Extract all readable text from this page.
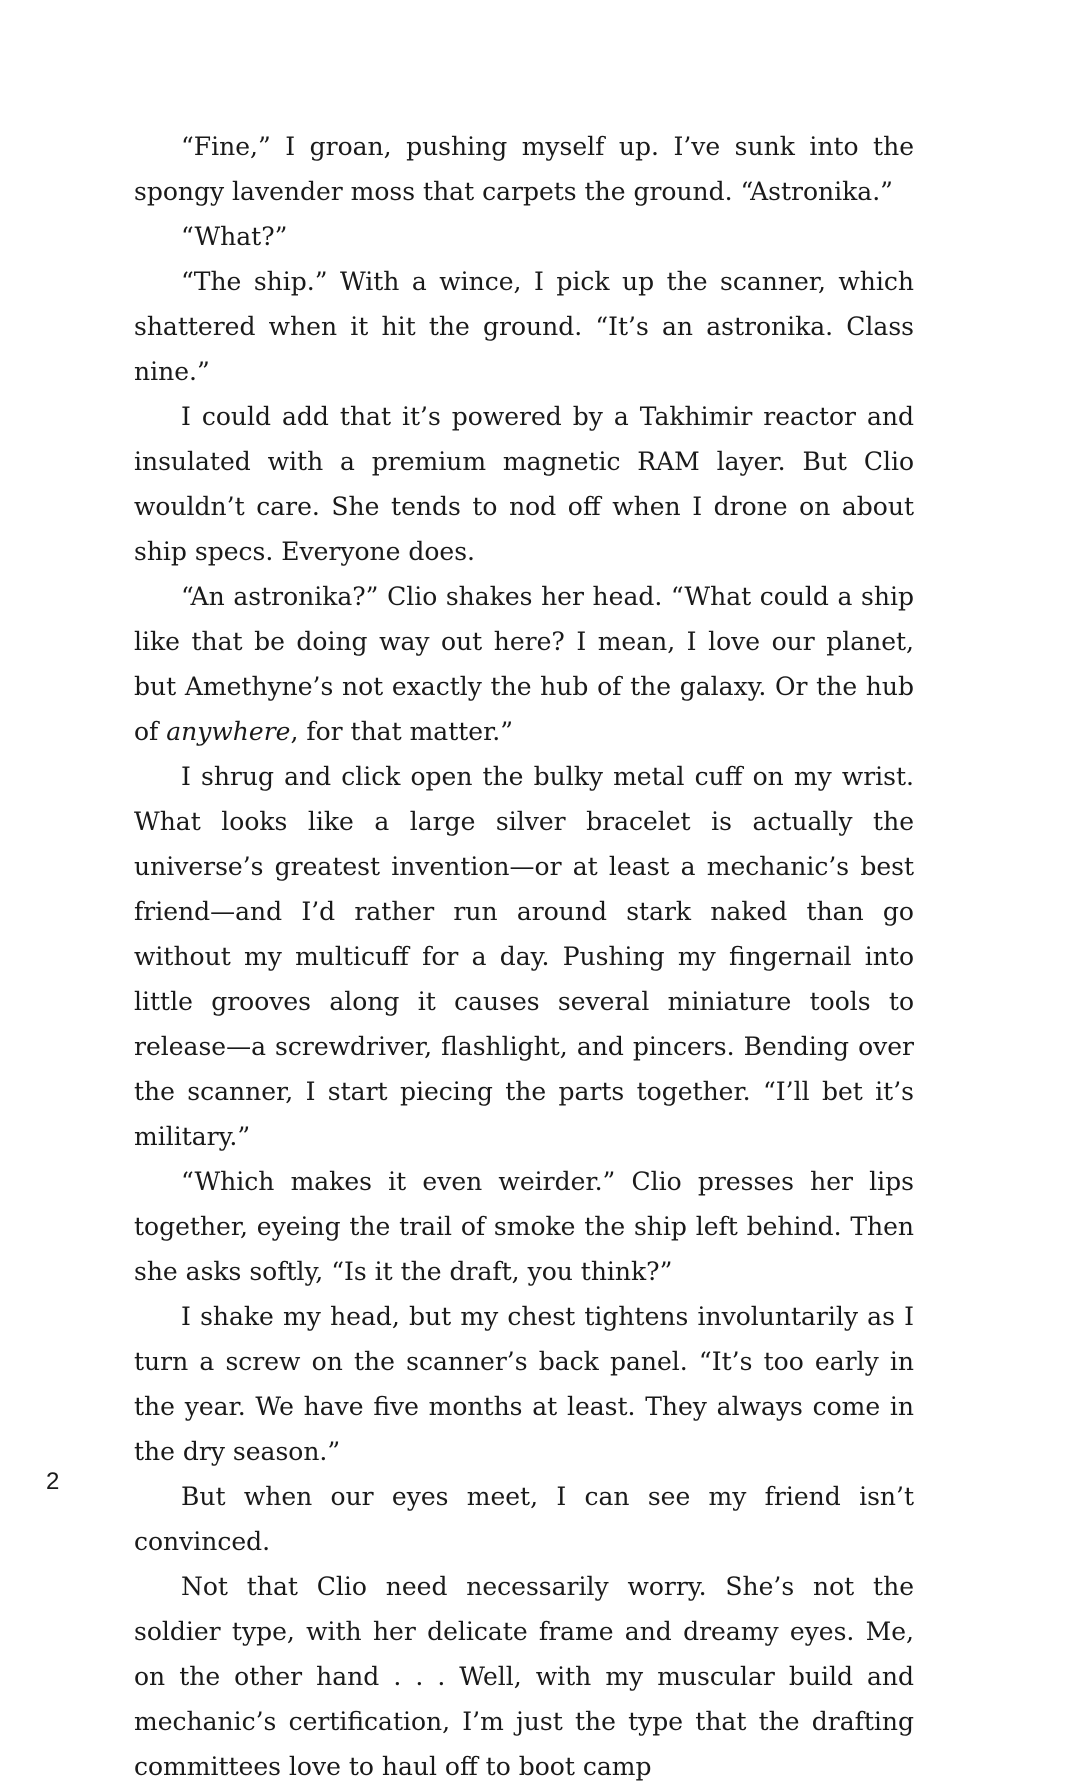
“Fine,” I groan, pushing myself up. I’ve sunk into the spongy lavender moss that carpets the ground. “Astronika.”

“What?”

“The ship.” With a wince, I pick up the scanner, which shattered when it hit the ground. “It’s an astronika. Class nine.”

I could add that it’s powered by a Takhimir reactor and insulated with a premium magnetic RAM layer. But Clio wouldn’t care. She tends to nod off when I drone on about ship specs. Everyone does.

“An astronika?” Clio shakes her head. “What could a ship like that be doing way out here? I mean, I love our planet, but Amethyne’s not exactly the hub of the galaxy. Or the hub of anywhere, for that matter.”

I shrug and click open the bulky metal cuff on my wrist. What looks like a large silver bracelet is actually the universe’s greatest invention—or at least a mechanic’s best friend—and I’d rather run around stark naked than go without my multicuff for a day. Pushing my fingernail into little grooves along it causes several miniature tools to release—a screwdriver, flashlight, and pincers. Bending over the scanner, I start piecing the parts together. “I’ll bet it’s military.”

“Which makes it even weirder.” Clio presses her lips together, eyeing the trail of smoke the ship left behind. Then she asks softly, “Is it the draft, you think?”

I shake my head, but my chest tightens involuntarily as I turn a screw on the scanner’s back panel. “It’s too early in the year. We have five months at least. They always come in the dry season.”

But when our eyes meet, I can see my friend isn’t convinced.

Not that Clio need necessarily worry. She’s not the soldier type, with her delicate frame and dreamy eyes. Me, on the other hand . . . Well, with my muscular build and mechanic’s certification, I’m just the type that the drafting committees love to haul off to boot camp

2
